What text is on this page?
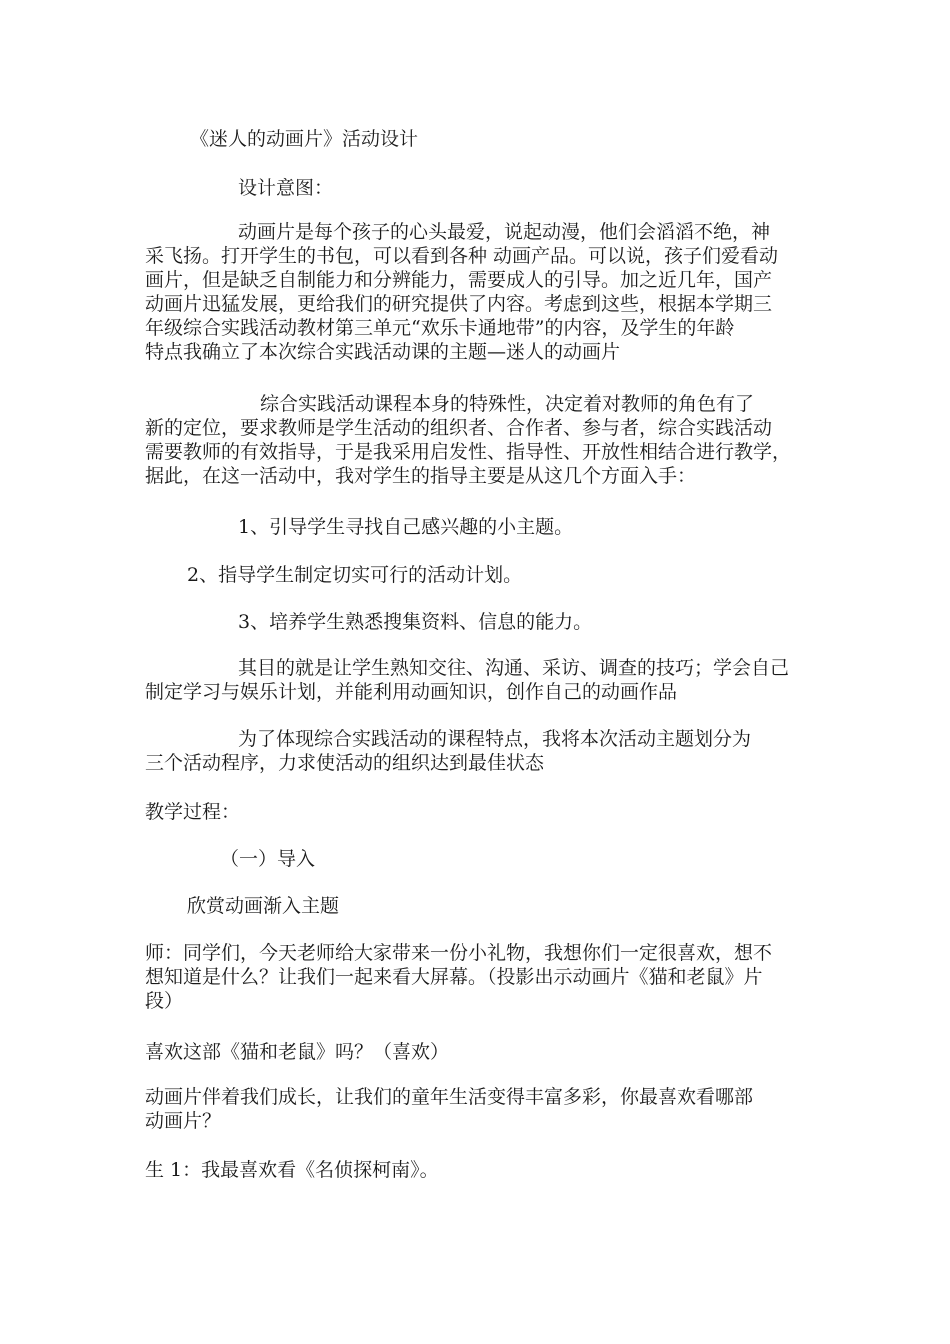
《迷人的动画片》活动设计

设计意图：

动画片是每个孩子的心头最爱，说起动漫，他们会滔滔不绝，神
采飞扬。打开学生的书包，可以看到各种 动画产品。可以说，孩子们爱看动
画片，但是缺乏自制能力和分辨能力，需要成人的引导。加之近几年，国产
动画片迅猛发展，更给我们的研究提供了内容。考虑到这些，根据本学期三
年级综合实践活动教材第三单元“欢乐卡通地带”的内容，及学生的年龄
特点我确立了本次综合实践活动课的主题—迷人的动画片
综合实践活动课程本身的特殊性，决定着对教师的角色有了
新的定位，要求教师是学生活动的组织者、合作者、参与者，综合实践活动
需要教师的有效指导，于是我采用启发性、指导性、开放性相结合进行教学，
据此，在这一活动中，我对学生的指导主要是从这几个方面入手：

1、引导学生寻找自己感兴趣的小主题。

2、指导学生制定切实可行的活动计划。

3、培养学生熟悉搜集资料、信息的能力。

其目的就是让学生熟知交往、沟通、采访、调查的技巧；学会自己
制定学习与娱乐计划，并能利用动画知识，创作自己的动画作品
为了体现综合实践活动的课程特点，我将本次活动主题划分为
三个活动程序，力求使活动的组织达到最佳状态

教学过程：

（一）导入

欣赏动画渐入主题

师：同学们，今天老师给大家带来一份小礼物，我想你们一定很喜欢，想不
想知道是什么？让我们一起来看大屏幕。（投影出示动画片《猫和老鼠》片
段）

喜欢这部《猫和老鼠》吗？（喜欢）

动画片伴着我们成长，让我们的童年生活变得丰富多彩，你最喜欢看哪部
动画片？

生 1：我最喜欢看《名侦探柯南》。
